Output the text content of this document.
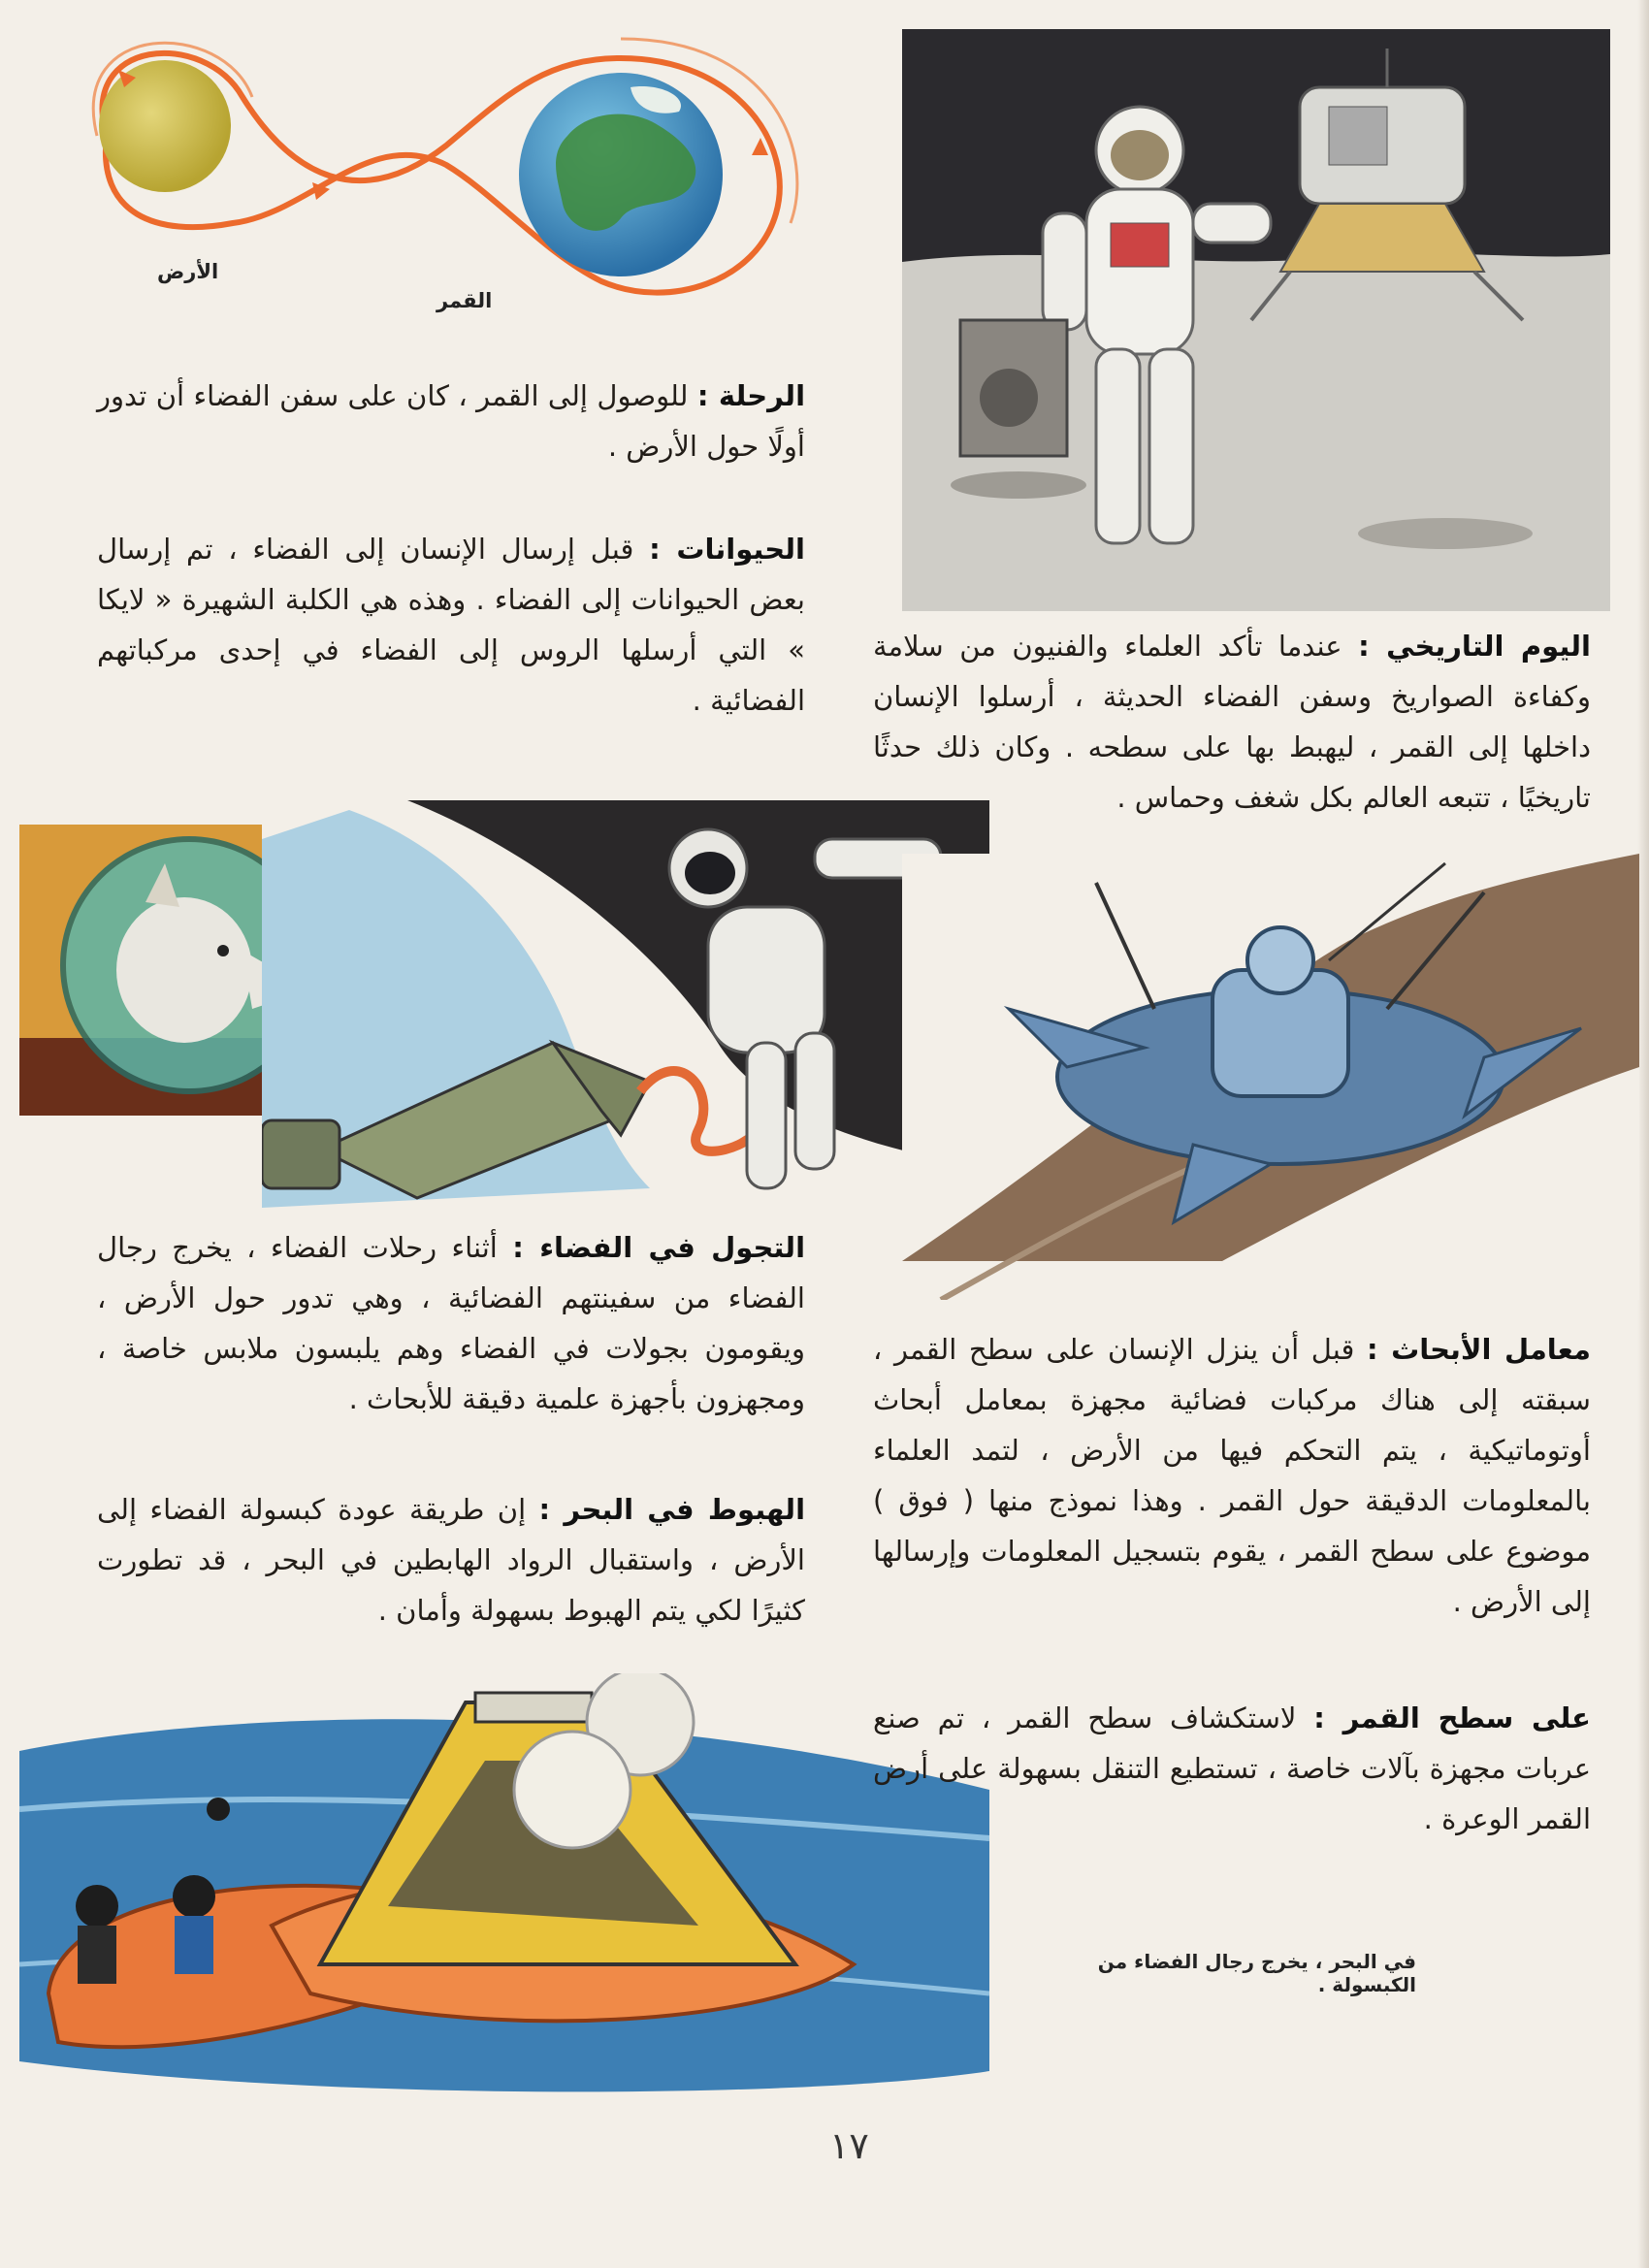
الأرض
القمر
الرحلة : للوصول إلى القمر ، كان على سفن الفضاء أن تدور أولًا حول الأرض .
الحيوانات : قبل إرسال الإنسان إلى الفضاء ، تم إرسال بعض الحيوانات إلى الفضاء . وهذه هي الكلبة الشهيرة « لايكا » التي أرسلها الروس إلى الفضاء في إحدى مركباتهم الفضائية .
اليوم التاريخي : عندما تأكد العلماء والفنيون من سلامة وكفاءة الصواريخ وسفن الفضاء الحديثة ، أرسلوا الإنسان داخلها إلى القمر ، ليهبط بها على سطحه . وكان ذلك حدثًا تاريخيًا ، تتبعه العالم بكل شغف وحماس .
التجول في الفضاء : أثناء رحلات الفضاء ، يخرج رجال الفضاء من سفينتهم الفضائية ، وهي تدور حول الأرض ، ويقومون بجولات في الفضاء وهم يلبسون ملابس خاصة ، ومجهزون بأجهزة علمية دقيقة للأبحاث .
الهبوط في البحر : إن طريقة عودة كبسولة الفضاء إلى الأرض ، واستقبال الرواد الهابطين في البحر ، قد تطورت كثيرًا لكي يتم الهبوط بسهولة وأمان .
معامل الأبحاث : قبل أن ينزل الإنسان على سطح القمر ، سبقته إلى هناك مركبات فضائية مجهزة بمعامل أبحاث أوتوماتيكية ، يتم التحكم فيها من الأرض ، لتمد العلماء بالمعلومات الدقيقة حول القمر . وهذا نموذج منها ( فوق ) موضوع على سطح القمر ، يقوم بتسجيل المعلومات وإرسالها إلى الأرض .
على سطح القمر : لاستكشاف سطح القمر ، تم صنع عربات مجهزة بآلات خاصة ، تستطيع التنقل بسهولة على أرض القمر الوعرة .
في البحر ، يخرج رجال الفضاء من الكبسولة .
١٧
